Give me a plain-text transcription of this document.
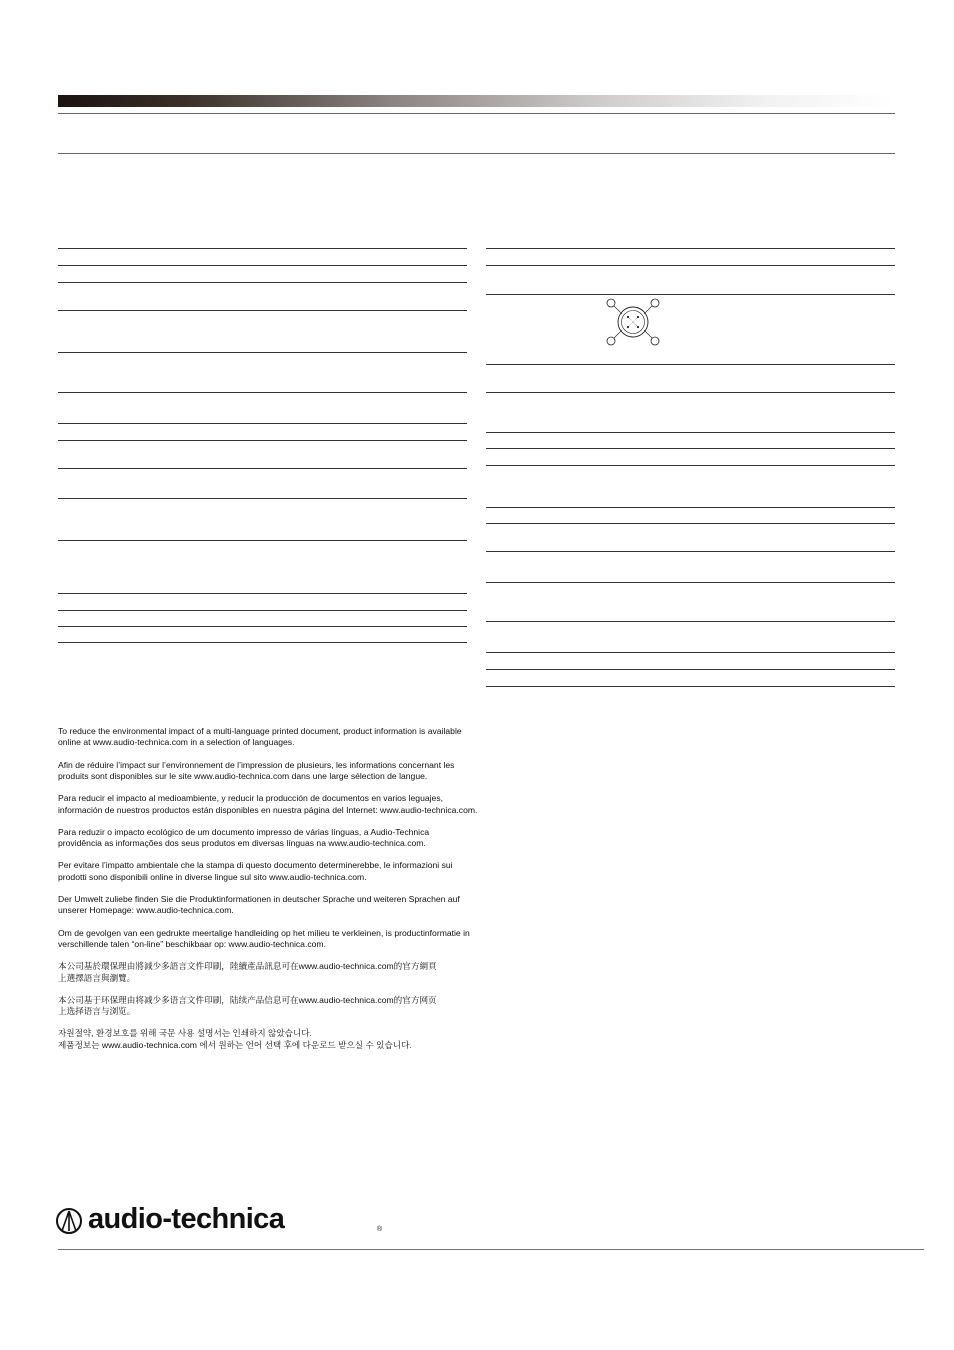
To reduce the environmental impact of a multi-language printed document, product information is available
online at www.audio-technica.com in a selection of languages.

Afin de réduire l’impact sur l’environnement de l’impression de plusieurs, les informations concernant les
produits sont disponibles sur le site www.audio-technica.com dans une large sélection de langue.

Para reducir el impacto al medioambiente, y reducir la producción de documentos en varios leguajes,
información de nuestros productos están disponibles en nuestra página del Internet: www.audio-technica.com.

Para reduzir o impacto ecológico de um documento impresso de várias línguas, a Audio-Technica
providência as informações dos seus produtos em diversas línguas na www.audio-technica.com.

Per evitare l’impatto ambientale che la stampa di questo documento determinerebbe, le informazioni sui
prodotti sono disponibili online in diverse lingue sul sito www.audio-technica.com.

Der Umwelt zuliebe finden Sie die Produktinformationen in deutscher Sprache und weiteren Sprachen auf
unserer Homepage: www.audio-technica.com.

Om de gevolgen van een gedrukte meertalige handleiding op het milieu te verkleinen, is productinformatie in
verschillende talen “on-line” beschikbaar op: www.audio-technica.com.

本公司基於環保理由將減少多語言文件印刷，陸續產品訊息可在www.audio-technica.com的官方網頁
上選擇語言與瀏覽。

本公司基于环保理由将减少多语言文件印刷，陆续产品信息可在www.audio-technica.com的官方网页
上选择语言与浏览。

자원절약, 환경보호를 위해 국문 사용 설명서는 인쇄하지 않았습니다.
제품정보는 www.audio-technica.com 에서 원하는 언어 선택 후에 다운로드 받으실 수 있습니다.

audio-technica	®
